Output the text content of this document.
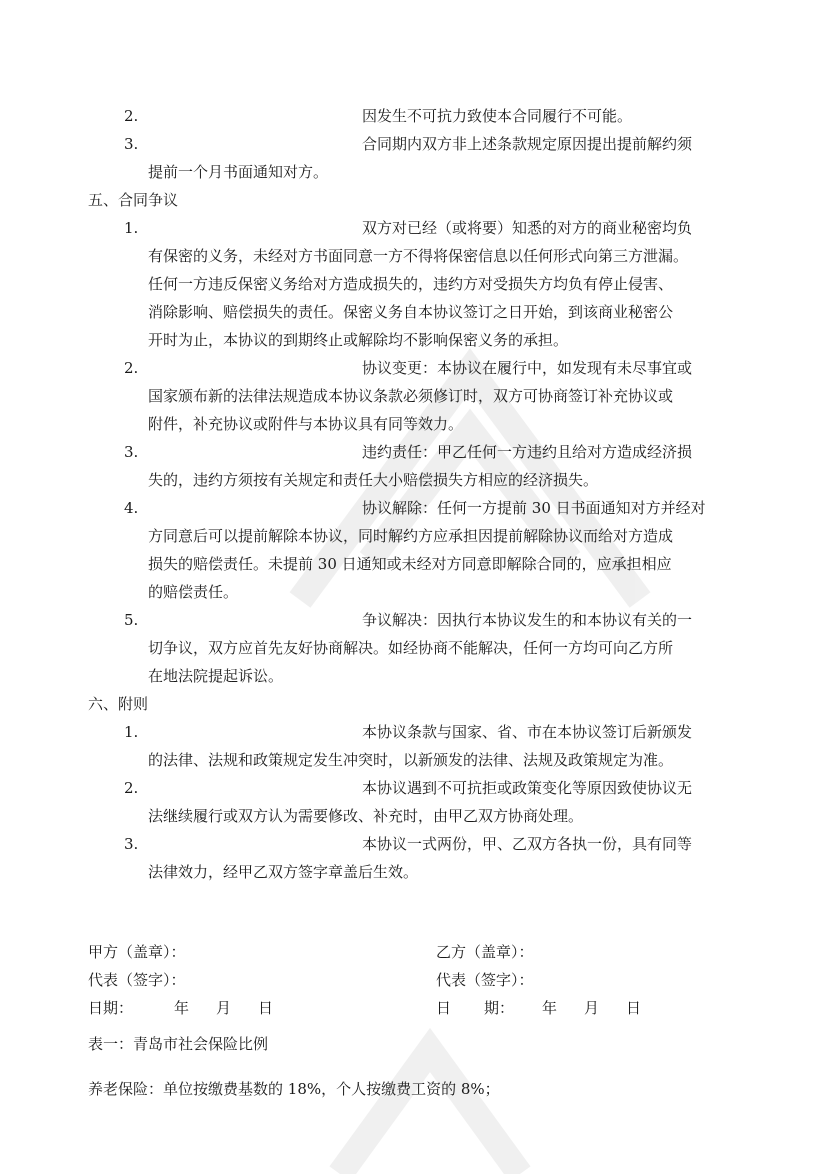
2.	因发生不可抗力致使本合同履行不可能。
3.	合同期内双方非上述条款规定原因提出提前解约须
提前一个月书面通知对方。
五、合同争议
1.	双方对已经（或将要）知悉的对方的商业秘密均负
有保密的义务，未经对方书面同意一方不得将保密信息以任何形式向第三方泄漏。
任何一方违反保密义务给对方造成损失的，违约方对受损失方均负有停止侵害、
消除影响、赔偿损失的责任。保密义务自本协议签订之日开始，到该商业秘密公
开时为止，本协议的到期终止或解除均不影响保密义务的承担。
2.	协议变更：本协议在履行中，如发现有未尽事宜或
国家颁布新的法律法规造成本协议条款必须修订时，双方可协商签订补充协议或
附件，补充协议或附件与本协议具有同等效力。
3.	违约责任：甲乙任何一方违约且给对方造成经济损
失的，违约方须按有关规定和责任大小赔偿损失方相应的经济损失。
4.	协议解除：任何一方提前 30 日书面通知对方并经对
方同意后可以提前解除本协议，同时解约方应承担因提前解除协议而给对方造成
损失的赔偿责任。未提前 30 日通知或未经对方同意即解除合同的，应承担相应
的赔偿责任。
5.	争议解决：因执行本协议发生的和本协议有关的一
切争议，双方应首先友好协商解决。如经协商不能解决，任何一方均可向乙方所
在地法院提起诉讼。
六、附则
1.	本协议条款与国家、省、市在本协议签订后新颁发
的法律、法规和政策规定发生冲突时，以新颁发的法律、法规及政策规定为准。
2.	本协议遇到不可抗拒或政策变化等原因致使协议无
法继续履行或双方认为需要修改、补充时，由甲乙双方协商处理。
3.	本协议一式两份，甲、乙双方各执一份，具有同等
法律效力，经甲乙双方签字章盖后生效。
甲方（盖章）：
代表（签字）：
日期：	年 月 日
乙方（盖章）：
代表（签字）：
日 期： 年 月 日
表一：青岛市社会保险比例
养老保险：单位按缴费基数的 18%，个人按缴费工资的 8%；
